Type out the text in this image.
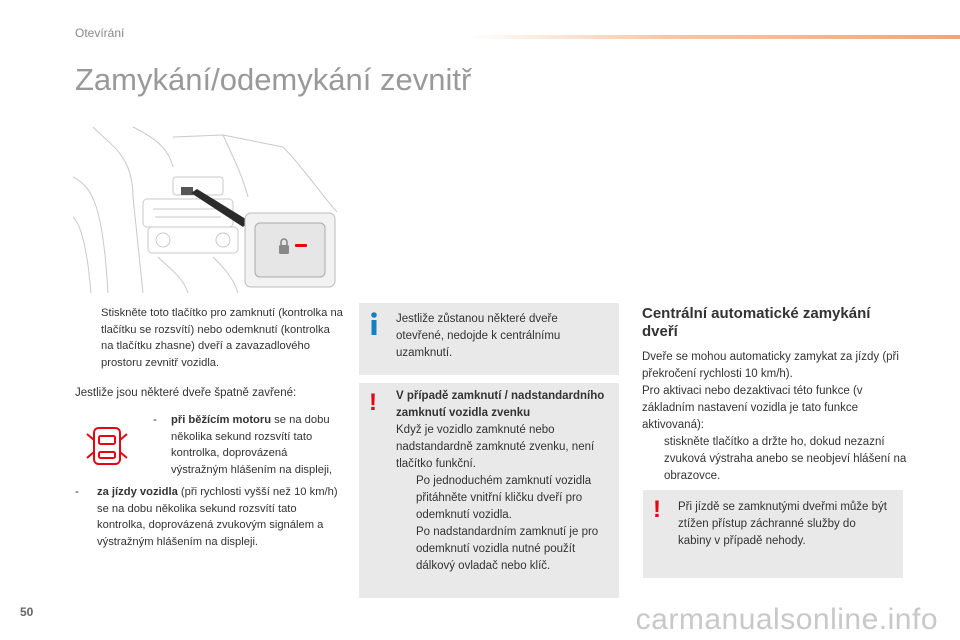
Otevírání
Zamykání/odemykání zevnitř
Stiskněte toto tlačítko pro zamknutí (kontrolka na tlačítku se rozsvítí) nebo odemknutí (kontrolka na tlačítku zhasne) dveří a zavazadlového prostoru zevnitř vozidla.

Jestliže jsou některé dveře špatně zavřené:

-	při běžícím motoru se na dobu několika sekund rozsvítí tato kontrolka, doprovázená výstražným hlášením na displeji,
-	za jízdy vozidla (při rychlosti vyšší než 10 km/h) se na dobu několika sekund rozsvítí tato kontrolka, doprovázená zvukovým signálem a výstražným hlášením na displeji.

Jestliže zůstanou některé dveře otevřené, nedojde k centrálnímu uzamknutí.

! V případě zamknutí / nadstandardního zamknutí vozidla zvenku

Když je vozidlo zamknuté nebo nadstandardně zamknuté zvenku, není tlačítko funkční.

Po jednoduchém zamknutí vozidla přitáhněte vnitřní kličku dveří pro odemknutí vozidla.
Po nadstandardním zamknutí je pro odemknutí vozidla nutné použít dálkový ovladač nebo klíč.
Centrální automatické zamykání dveří

Dveře se mohou automaticky zamykat za jízdy (při překročení rychlosti 10 km/h).

Pro aktivaci nebo dezaktivaci této funkce (v základním nastavení vozidla je tato funkce aktivovaná):

stiskněte tlačítko a držte ho, dokud nezazní zvuková výstraha anebo se neobjeví hlášení na obrazovce.
! Při jízdě se zamknutými dveřmi může být ztížen přístup záchranné služby do kabiny v případě nehody.

50	carmanualsonline.info
